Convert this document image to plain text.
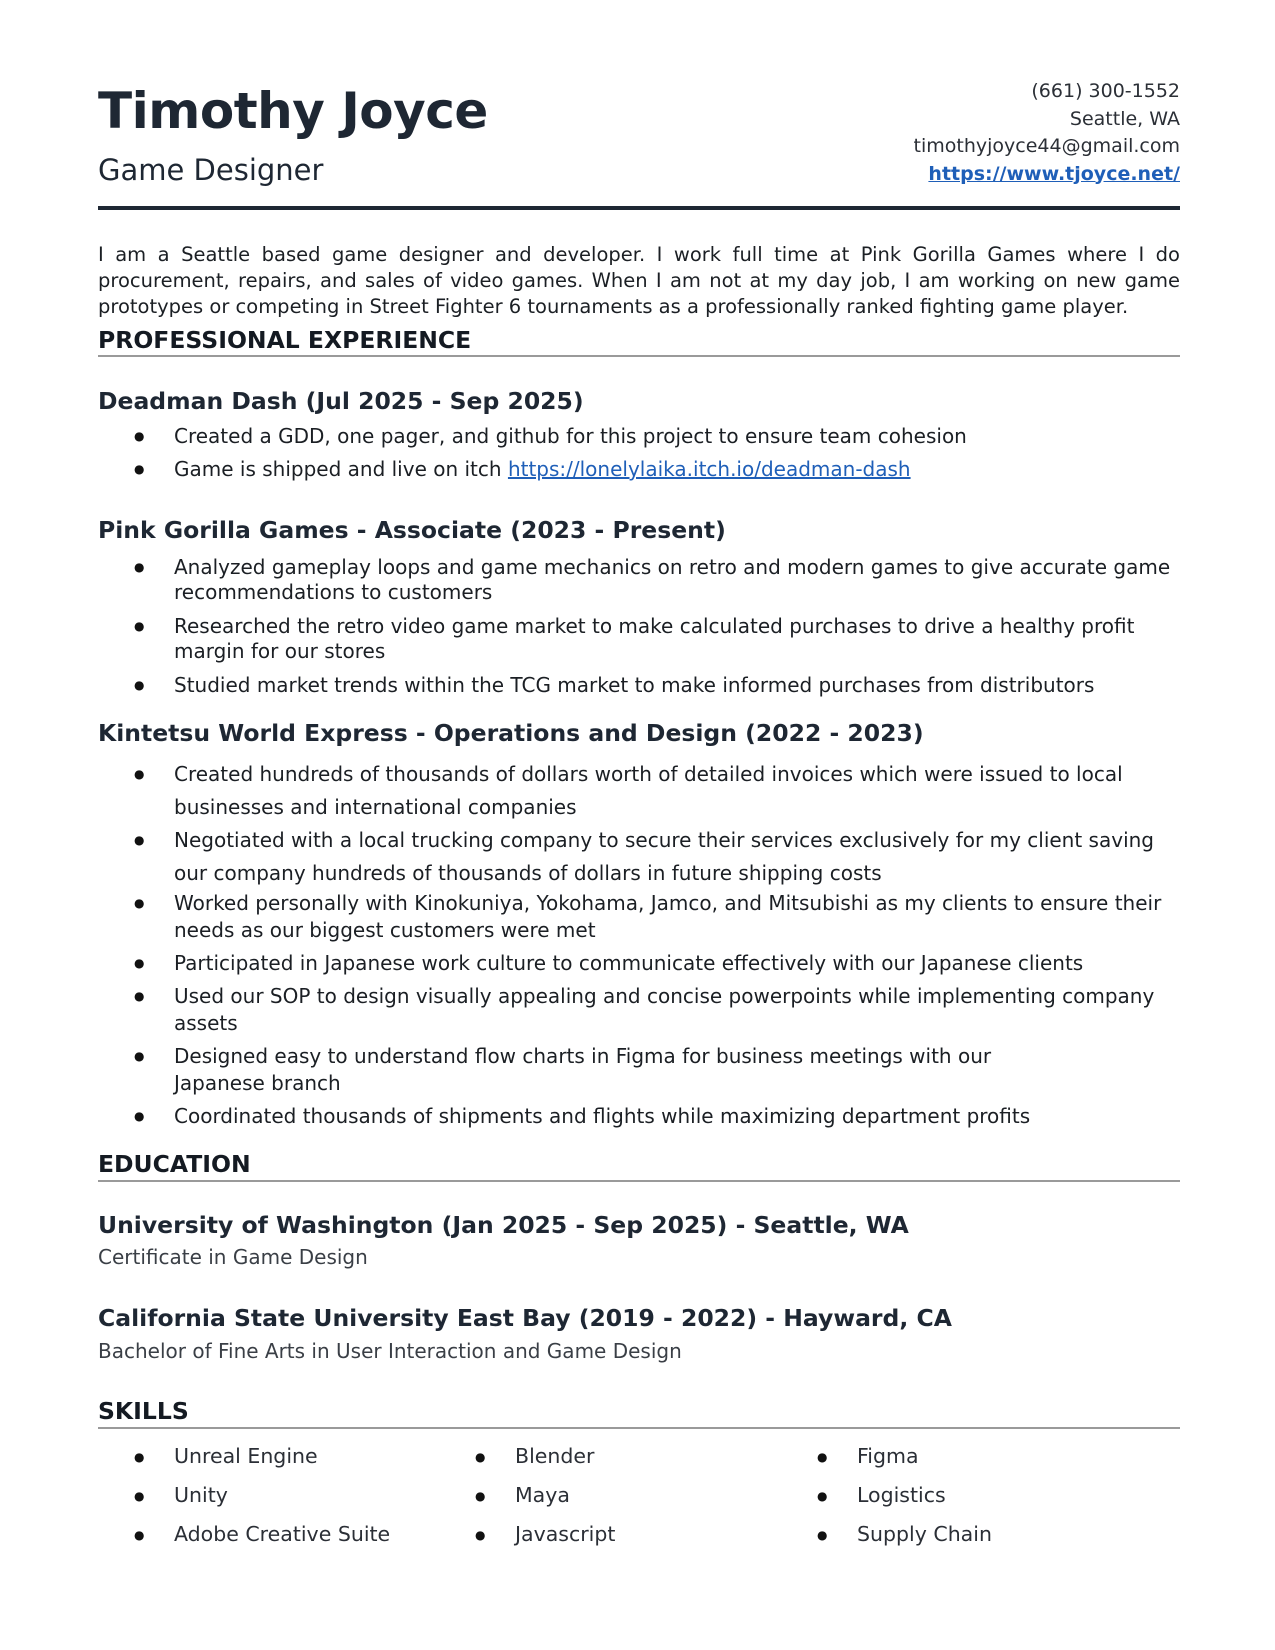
Timothy Joyce
Game Designer
(661) 300-1552
Seattle, WA
timothyjoyce44@gmail.com
https://www.tjoyce.net/

I am a Seattle based game designer and developer. I work full time at Pink Gorilla Games where I do procurement, repairs, and sales of video games. When I am not at my day job, I am working on new game prototypes or competing in Street Fighter 6 tournaments as a professionally ranked fighting game player.

PROFESSIONAL EXPERIENCE
Deadman Dash (Jul 2025 - Sep 2025)
● Created a GDD, one pager, and github for this project to ensure team cohesion
● Game is shipped and live on itch https://lonelylaika.itch.io/deadman-dash
Pink Gorilla Games - Associate (2023 - Present)
● Analyzed gameplay loops and game mechanics on retro and modern games to give accurate game recommendations to customers
● Researched the retro video game market to make calculated purchases to drive a healthy profit margin for our stores
● Studied market trends within the TCG market to make informed purchases from distributors
Kintetsu World Express - Operations and Design (2022 - 2023)
● Created hundreds of thousands of dollars worth of detailed invoices which were issued to local businesses and international companies
● Negotiated with a local trucking company to secure their services exclusively for my client saving our company hundreds of thousands of dollars in future shipping costs
● Worked personally with Kinokuniya, Yokohama, Jamco, and Mitsubishi as my clients to ensure their needs as our biggest customers were met
● Participated in Japanese work culture to communicate effectively with our Japanese clients
● Used our SOP to design visually appealing and concise powerpoints while implementing company assets
● Designed easy to understand flow charts in Figma for business meetings with our Japanese branch
● Coordinated thousands of shipments and flights while maximizing department profits
EDUCATION
University of Washington (Jan 2025 - Sep 2025) - Seattle, WA
Certificate in Game Design
California State University East Bay (2019 - 2022) - Hayward, CA
Bachelor of Fine Arts in User Interaction and Game Design
SKILLS
● Unreal Engine
● Unity
● Adobe Creative Suite
● Blender
● Maya
● Javascript
● Figma
● Logistics
● Supply Chain
